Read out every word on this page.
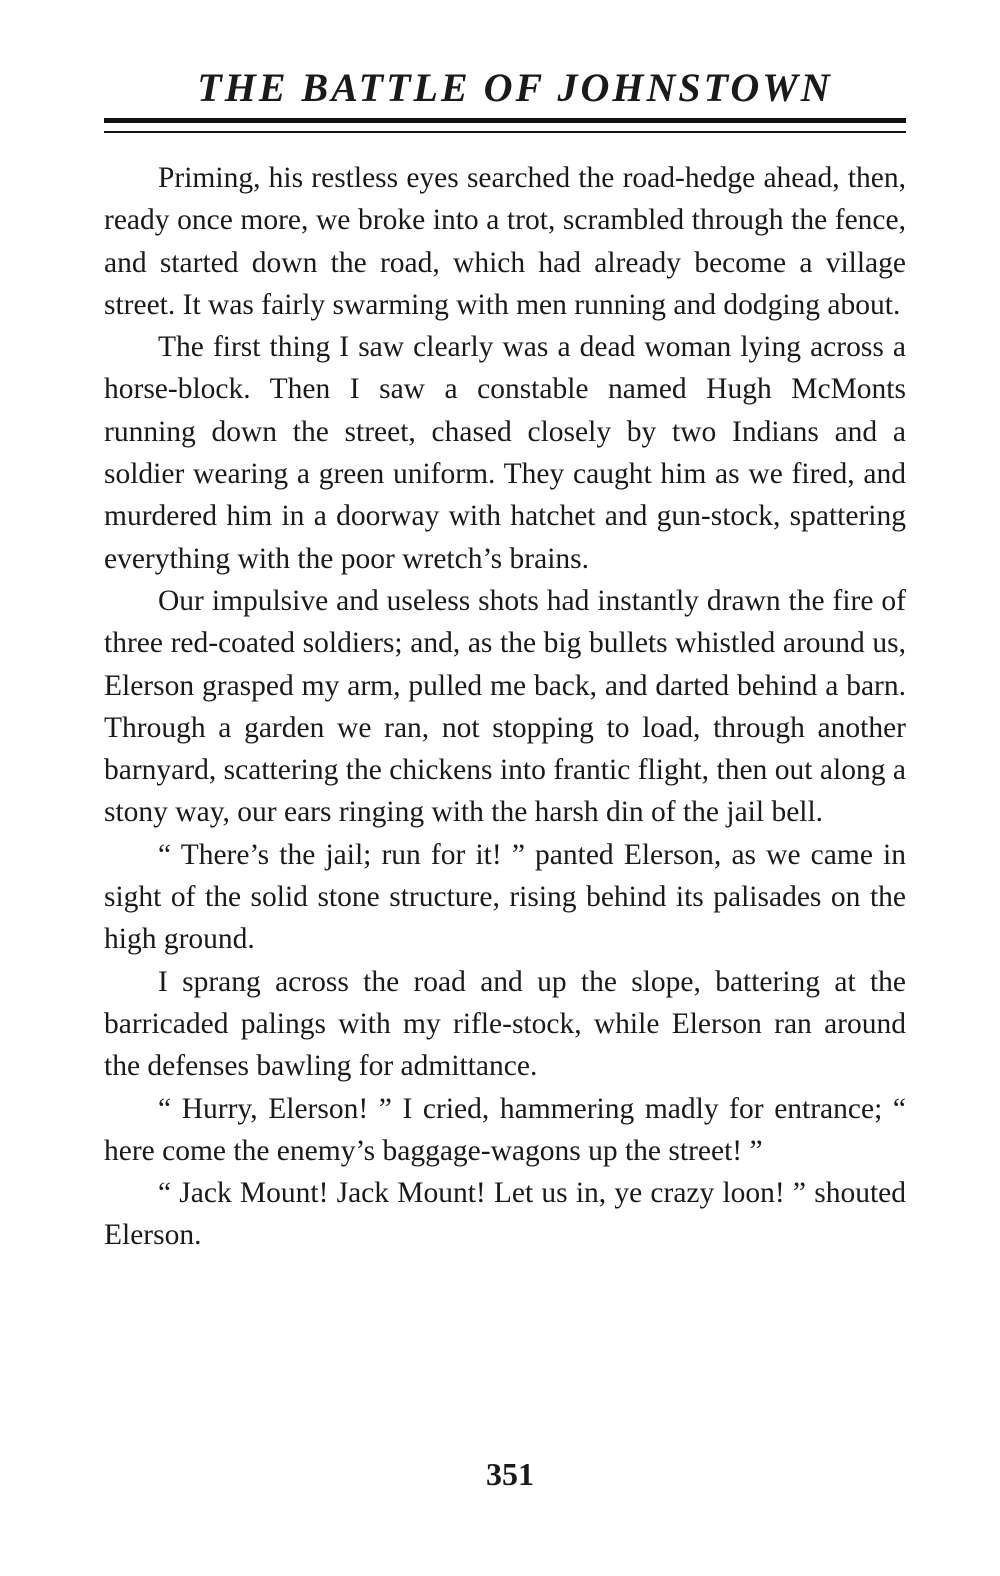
THE BATTLE OF JOHNSTOWN

Priming, his restless eyes searched the road-hedge ahead, then, ready once more, we broke into a trot, scrambled through the fence, and started down the road, which had already become a village street. It was fairly swarming with men running and dodging about.

The first thing I saw clearly was a dead woman lying across a horse-block. Then I saw a constable named Hugh McMonts running down the street, chased closely by two Indians and a soldier wearing a green uniform. They caught him as we fired, and murdered him in a doorway with hatchet and gun-stock, spattering everything with the poor wretch’s brains.

Our impulsive and useless shots had instantly drawn the fire of three red-coated soldiers; and, as the big bullets whistled around us, Elerson grasped my arm, pulled me back, and darted behind a barn. Through a garden we ran, not stopping to load, through another barnyard, scattering the chickens into frantic flight, then out along a stony way, our ears ringing with the harsh din of the jail bell.

“ There’s the jail; run for it! ” panted Elerson, as we came in sight of the solid stone structure, rising behind its palisades on the high ground.

I sprang across the road and up the slope, battering at the barricaded palings with my rifle-stock, while Elerson ran around the defenses bawling for admittance.

“ Hurry, Elerson! ” I cried, hammering madly for entrance; “ here come the enemy’s baggage-wagons up the street! ”

“ Jack Mount! Jack Mount! Let us in, ye crazy loon! ” shouted Elerson.

351
